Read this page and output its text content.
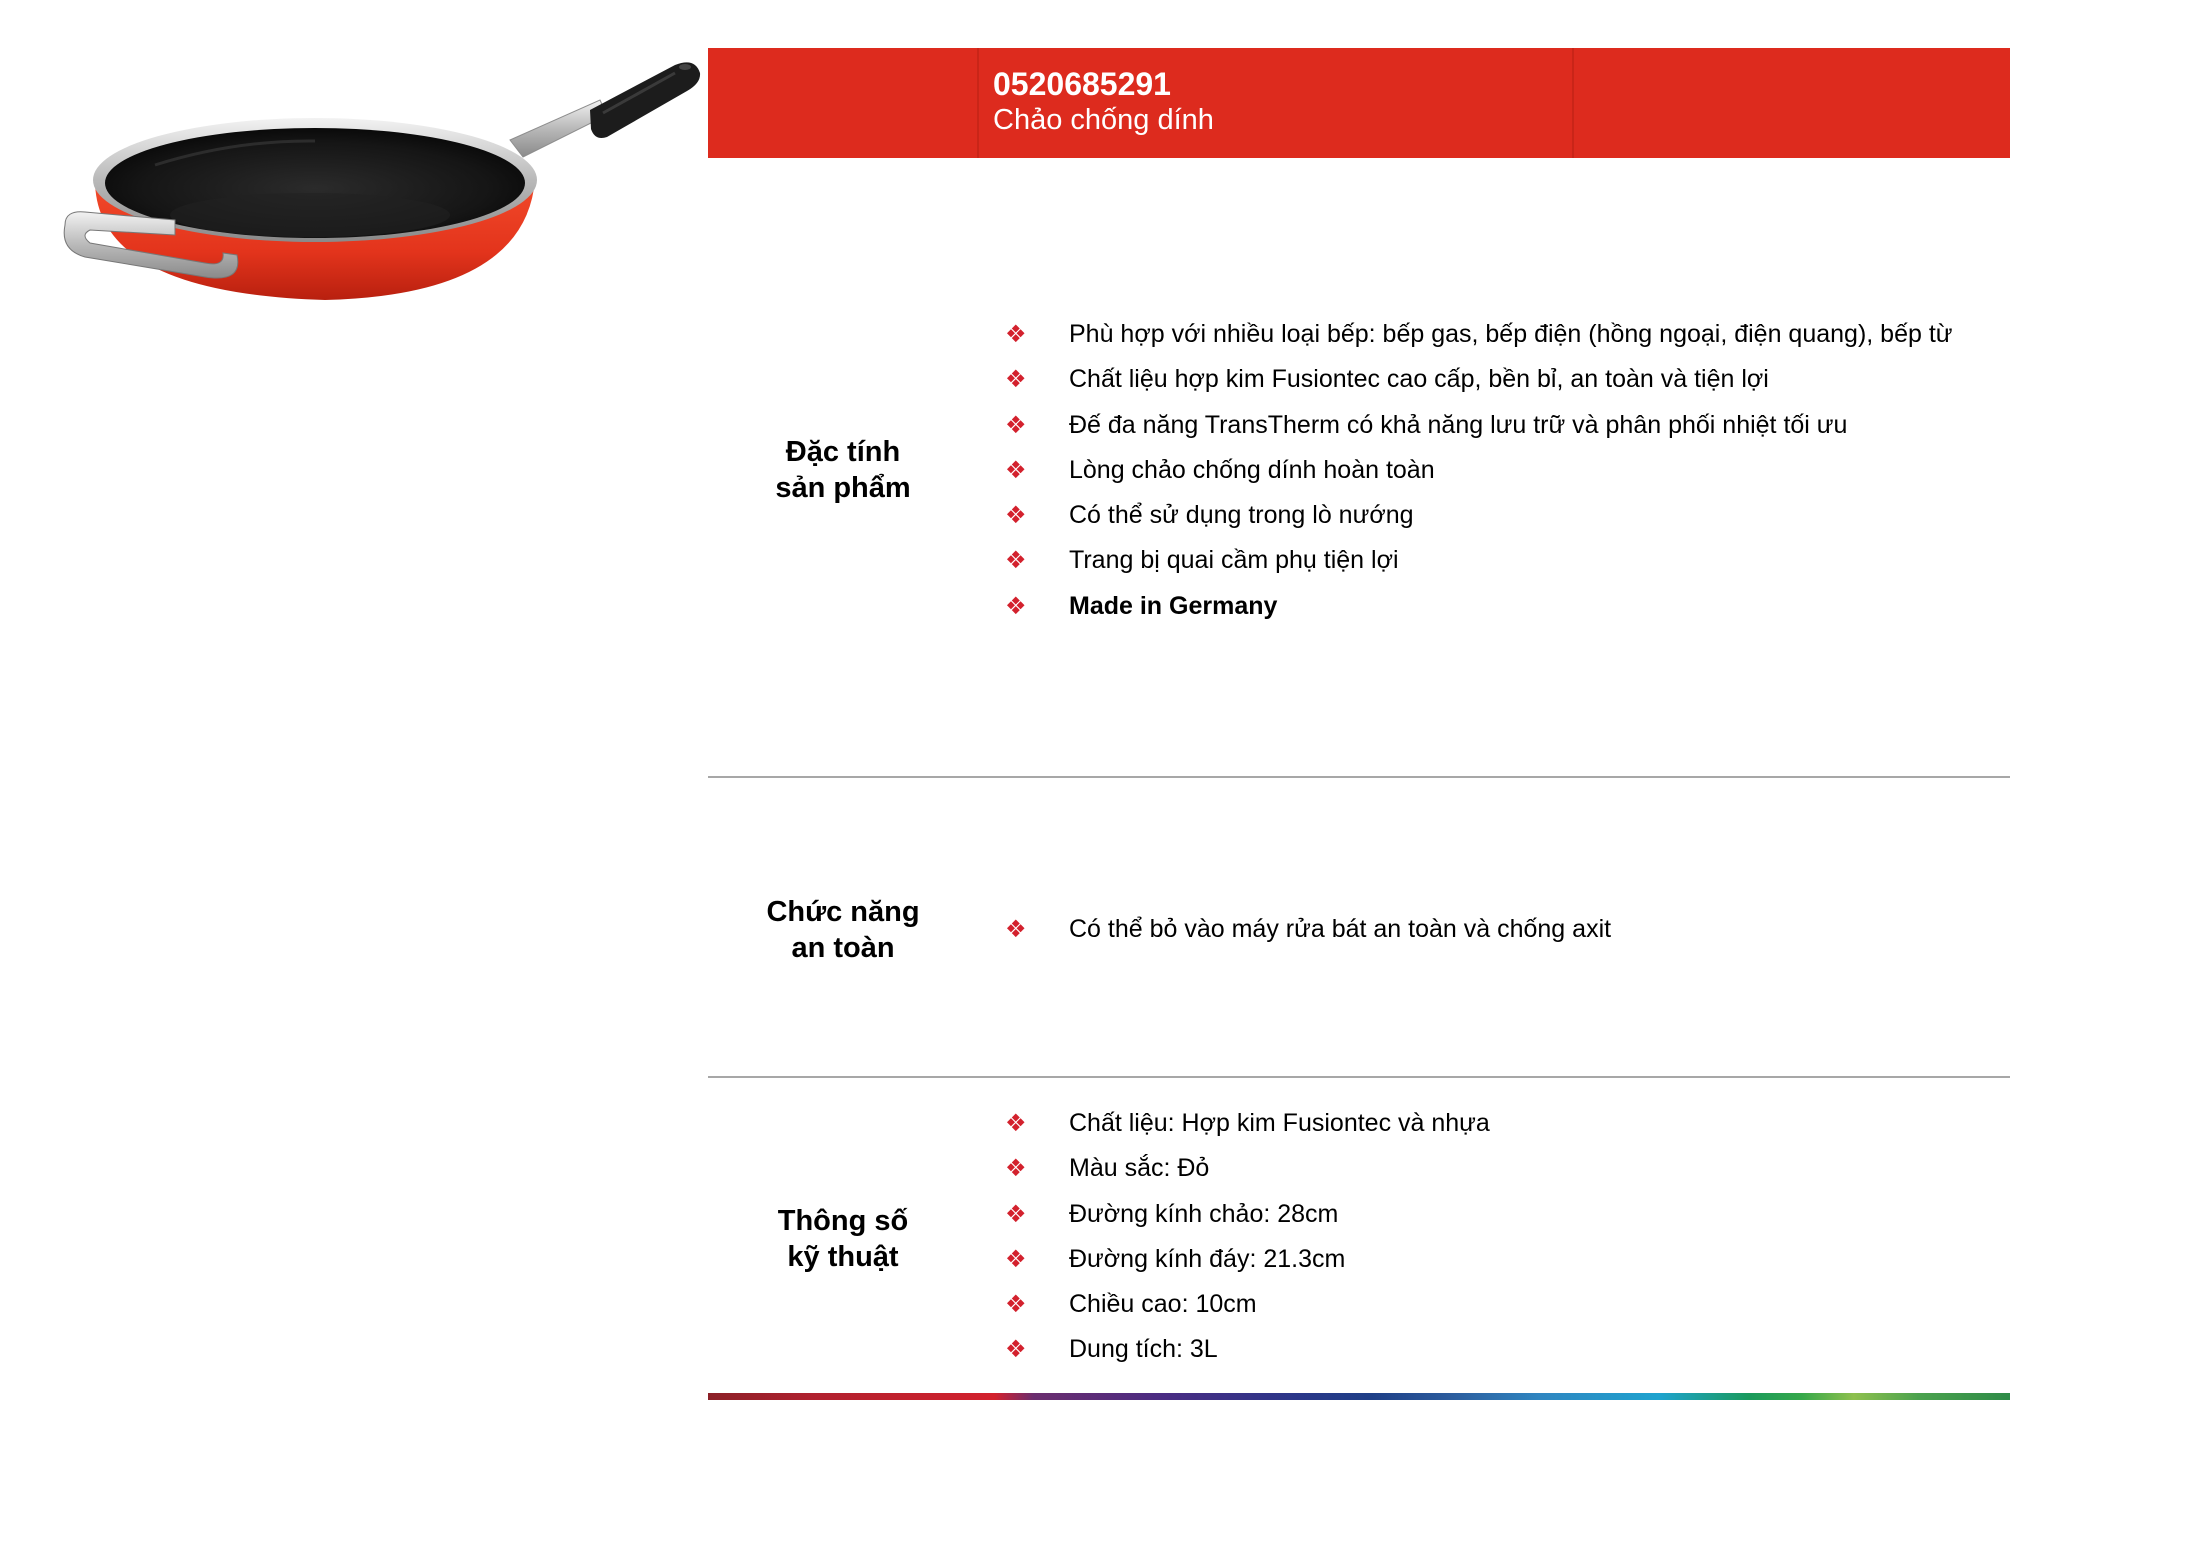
0520685291
Chảo chống dính
Đặc tính
sản phẩm
❖ Phù hợp với nhiều loại bếp: bếp gas, bếp điện (hồng ngoại, điện quang), bếp từ
❖ Chất liệu hợp kim Fusiontec cao cấp, bền bỉ, an toàn và tiện lợi
❖ Đế đa năng TransTherm có khả năng lưu trữ và phân phối nhiệt tối ưu
❖ Lòng chảo chống dính hoàn toàn
❖ Có thể sử dụng trong lò nướng
❖ Trang bị quai cầm phụ tiện lợi
❖ Made in Germany
Chức năng
an toàn
❖ Có thể bỏ vào máy rửa bát an toàn và chống axit
Thông số
kỹ thuật
❖ Chất liệu: Hợp kim Fusiontec và nhựa
❖ Màu sắc: Đỏ
❖ Đường kính chảo: 28cm
❖ Đường kính đáy: 21.3cm
❖ Chiều cao: 10cm
❖ Dung tích: 3L
